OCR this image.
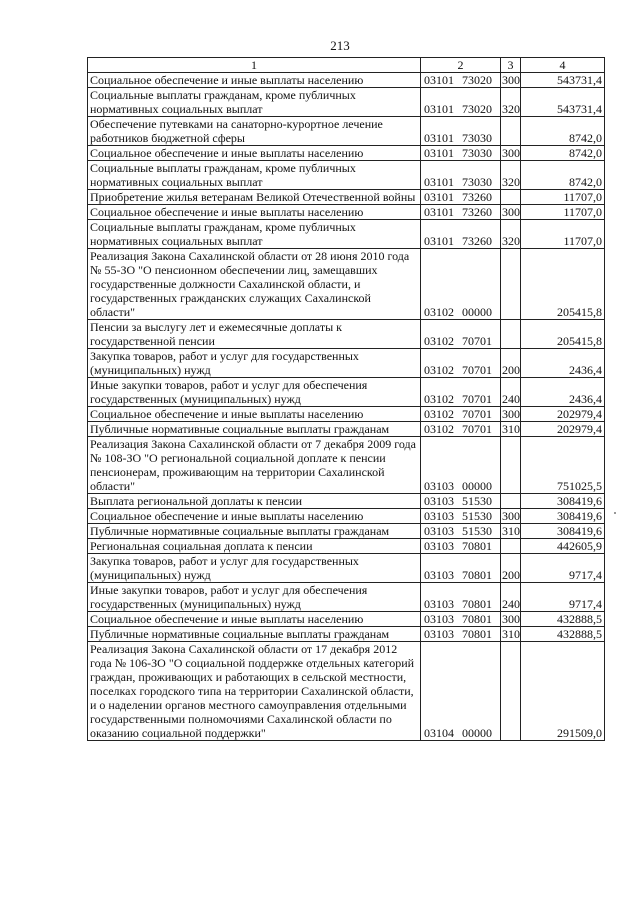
213
1	2	3	4
Социальное обеспечение и иные выплаты населению	03101 73020	300	543731,4
Социальные выплаты гражданам, кроме публичных нормативных социальных выплат	03101 73020	320	543731,4
Обеспечение путевками на санаторно-курортное лечение работников бюджетной сферы	03101 73030		8742,0
Социальное обеспечение и иные выплаты населению	03101 73030	300	8742,0
Социальные выплаты гражданам, кроме публичных нормативных социальных выплат	03101 73030	320	8742,0
Приобретение жилья ветеранам Великой Отечественной войны	03101 73260		11707,0
Социальное обеспечение и иные выплаты населению	03101 73260	300	11707,0
Социальные выплаты гражданам, кроме публичных нормативных социальных выплат	03101 73260	320	11707,0
Реализация Закона Сахалинской области от 28 июня 2010 года № 55-ЗО "О пенсионном обеспечении лиц, замещавших государственные должности Сахалинской области, и государственных гражданских служащих Сахалинской области"	03102 00000		205415,8
Пенсии за выслугу лет и ежемесячные доплаты к государственной пенсии	03102 70701		205415,8
Закупка товаров, работ и услуг для государственных (муниципальных) нужд	03102 70701	200	2436,4
Иные закупки товаров, работ и услуг для обеспечения государственных (муниципальных) нужд	03102 70701	240	2436,4
Социальное обеспечение и иные выплаты населению	03102 70701	300	202979,4
Публичные нормативные социальные выплаты гражданам	03102 70701	310	202979,4
Реализация Закона Сахалинской области от 7 декабря 2009 года № 108-ЗО "О региональной социальной доплате к пенсии пенсионерам, проживающим на территории Сахалинской области"	03103 00000		751025,5
Выплата региональной доплаты к пенсии	03103 51530		308419,6
Социальное обеспечение и иные выплаты населению	03103 51530	300	308419,6
Публичные нормативные социальные выплаты гражданам	03103 51530	310	308419,6
Региональная социальная доплата к пенсии	03103 70801		442605,9
Закупка товаров, работ и услуг для государственных (муниципальных) нужд	03103 70801	200	9717,4
Иные закупки товаров, работ и услуг для обеспечения государственных (муниципальных) нужд	03103 70801	240	9717,4
Социальное обеспечение и иные выплаты населению	03103 70801	300	432888,5
Публичные нормативные социальные выплаты гражданам	03103 70801	310	432888,5
Реализация Закона Сахалинской области от 17 декабря 2012 года № 106-ЗО "О социальной поддержке отдельных категорий граждан, проживающих и работающих в сельской местности, поселках городского типа на территории Сахалинской области, и о наделении органов местного самоуправления отдельными государственными полномочиями Сахалинской области по оказанию социальной поддержки"	03104 00000		291509,0
